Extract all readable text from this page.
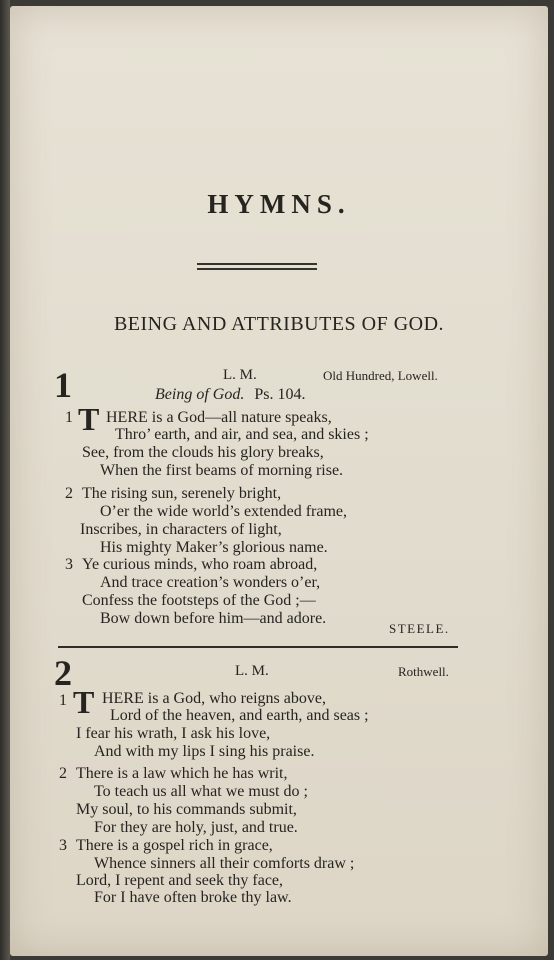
HYMNS.
BEING AND ATTRIBUTES OF GOD.
1	L. M.	Old Hundred, Lowell.
Being of God. Ps. 104.
1 T HERE is a God—all nature speaks,
Thro’ earth, and air, and sea, and skies ;
See, from the clouds his glory breaks,
When the first beams of morning rise.
2 The rising sun, serenely bright,
O’er the wide world’s extended frame,
Inscribes, in characters of light,
His mighty Maker’s glorious name.
3 Ye curious minds, who roam abroad,
And trace creation’s wonders o’er,
Confess the footsteps of the God ;—
Bow down before him—and adore.
STEELE.
2	L. M.	Rothwell.
1 T HERE is a God, who reigns above,
Lord of the heaven, and earth, and seas ;
I fear his wrath, I ask his love,
And with my lips I sing his praise.
2 There is a law which he has writ,
To teach us all what we must do ;
My soul, to his commands submit,
For they are holy, just, and true.
3 There is a gospel rich in grace,
Whence sinners all their comforts draw ;
Lord, I repent and seek thy face,
For I have often broke thy law.
